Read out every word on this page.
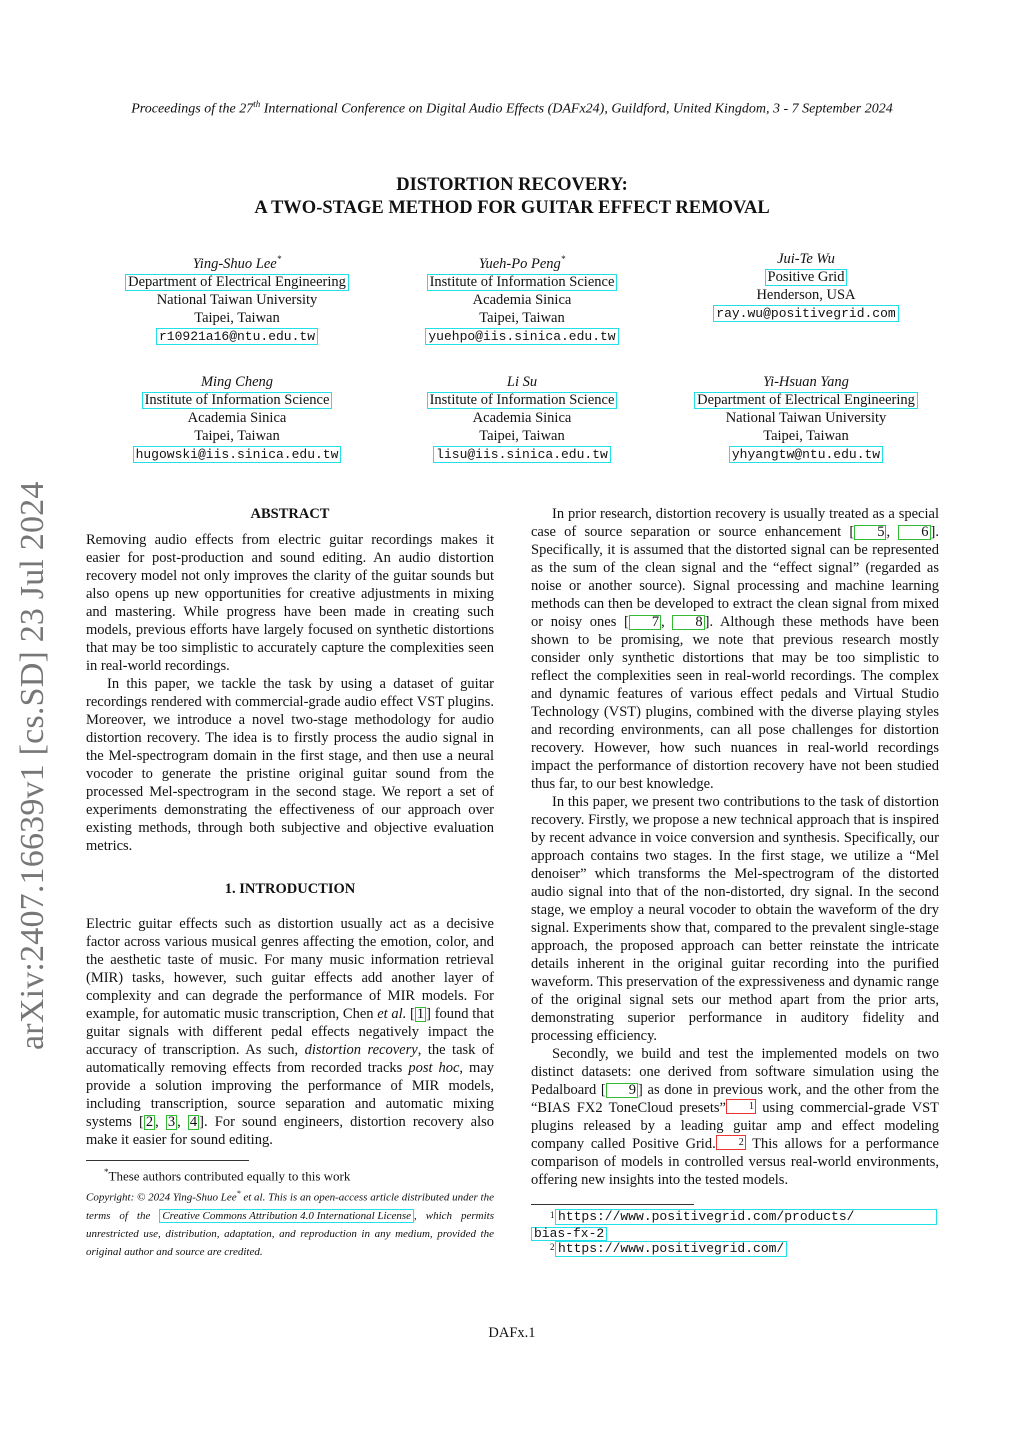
Proceedings of the 27th International Conference on Digital Audio Effects (DAFx24), Guildford, United Kingdom, 3 - 7 September 2024
DISTORTION RECOVERY:
A TWO-STAGE METHOD FOR GUITAR EFFECT REMOVAL
Ying-Shuo Lee*
Department of Electrical Engineering
National Taiwan University
Taipei, Taiwan
r10921a16@ntu.edu.tw
Yueh-Po Peng*
Institute of Information Science
Academia Sinica
Taipei, Taiwan
yuehpo@iis.sinica.edu.tw
Jui-Te Wu
Positive Grid
Henderson, USA
ray.wu@positivegrid.com
Ming Cheng
Institute of Information Science
Academia Sinica
Taipei, Taiwan
hugowski@iis.sinica.edu.tw
Li Su
Institute of Information Science
Academia Sinica
Taipei, Taiwan
lisu@iis.sinica.edu.tw
Yi-Hsuan Yang
Department of Electrical Engineering
National Taiwan University
Taipei, Taiwan
yhyangtw@ntu.edu.tw
arXiv:2407.16639v1 [cs.SD] 23 Jul 2024	ABSTRACT

Removing audio effects from electric guitar recordings makes it easier for post-production and sound editing. An audio distortion recovery model not only improves the clarity of the guitar sounds but also opens up new opportunities for creative adjustments in mixing and mastering. While progress have been made in creating such models, previous efforts have largely focused on synthetic distortions that may be too simplistic to accurately capture the complexities seen in real-world recordings.

In this paper, we tackle the task by using a dataset of guitar recordings rendered with commercial-grade audio effect VST plugins. Moreover, we introduce a novel two-stage methodology for audio distortion recovery. The idea is to firstly process the audio signal in the Mel-spectrogram domain in the first stage, and then use a neural vocoder to generate the pristine original guitar sound from the processed Mel-spectrogram in the second stage. We report a set of experiments demonstrating the effectiveness of our approach over existing methods, through both subjective and objective evaluation metrics.

1. INTRODUCTION

Electric guitar effects such as distortion usually act as a decisive factor across various musical genres affecting the emotion, color, and the aesthetic taste of music. For many music information retrieval (MIR) tasks, however, such guitar effects add another layer of complexity and can degrade the performance of MIR models. For example, for automatic music transcription, Chen et al. [ 1 ] found that guitar signals with different pedal effects negatively impact the accuracy of transcription. As such, distortion recovery, the task of automatically removing effects from recorded tracks post hoc, may provide a solution improving the performance of MIR models, including transcription, source separation and automatic mixing systems [ 2 , 3 , 4 ]. For sound engineers, distortion recovery also make it easier for sound editing.

*These authors contributed equally to this work
Copyright: © 2024 Ying-Shuo Lee* et al. This is an open-access article distributed under the terms of the Creative Commons Attribution 4.0 International License , which permits unrestricted use, distribution, adaptation, and reproduction in any medium, provided the original author and source are credited.

In prior research, distortion recovery is usually treated as a special case of source separation or source enhancement [ 5 , 6 ]. Specifically, it is assumed that the distorted signal can be represented as the sum of the clean signal and the “effect signal” (regarded as noise or another source). Signal processing and machine learning methods can then be developed to extract the clean signal from mixed or noisy ones [ 7 , 8 ]. Although these methods have been shown to be promising, we note that previous research mostly consider only synthetic distortions that may be too simplistic to reflect the complexities seen in real-world recordings. The complex and dynamic features of various effect pedals and Virtual Studio Technology (VST) plugins, combined with the diverse playing styles and recording environments, can all pose challenges for distortion recovery. However, how such nuances in real-world recordings impact the performance of distortion recovery have not been studied thus far, to our best knowledge.

In this paper, we present two contributions to the task of distortion recovery. Firstly, we propose a new technical approach that is inspired by recent advance in voice conversion and synthesis. Specifically, our approach contains two stages. In the first stage, we utilize a “Mel denoiser” which transforms the Mel-spectrogram of the distorted audio signal into that of the non-distorted, dry signal. In the second stage, we employ a neural vocoder to obtain the waveform of the dry signal. Experiments show that, compared to the prevalent single-stage approach, the proposed approach can better reinstate the intricate details inherent in the original guitar recording into the purified waveform. This preservation of the expressiveness and dynamic range of the original signal sets our method apart from the prior arts, demonstrating superior performance in auditory fidelity and processing efficiency.

Secondly, we build and test the implemented models on two distinct datasets: one derived from software simulation using the Pedalboard [ 9 ] as done in previous work, and the other from the “BIAS FX2 ToneCloud presets” 1 using commercial-grade VST plugins released by a leading guitar amp and effect modeling company called Positive Grid. 2 This allows for a performance comparison of models in controlled versus real-world environments, offering new insights into the tested models.

$^1$ https://www.positivegrid.com/products/
bias-fx-2
$^2$ https://www.positivegrid.com/
DAFx.1
